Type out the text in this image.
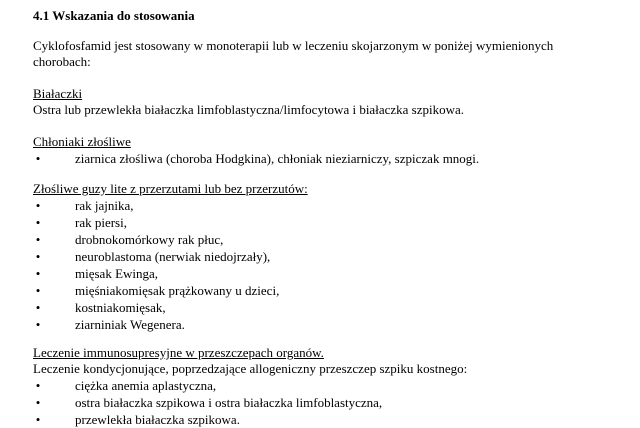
4.1 Wskazania do stosowania

Cyklofosfamid jest stosowany w monoterapii lub w leczeniu skojarzonym w poniżej wymienionych chorobach:

Białaczki

Ostra lub przewlekła białaczka limfoblastyczna/limfocytowa i białaczka szpikowa.

Chłoniaki złośliwe
•	ziarnica złośliwa (choroba Hodgkina), chłoniak nieziarniczy, szpiczak mnogi.
Złośliwe guzy lite z przerzutami lub bez przerzutów:
•	rak jajnika,
•	rak piersi,
•	drobnokomórkowy rak płuc,
•	neuroblastoma (nerwiak niedojrzały),
•	mięsak Ewinga,
•	mięśniakomięsak prążkowany u dzieci,
•	kostniakomięsak,
•	ziarniniak Wegenera.
Leczenie immunosupresyjne w przeszczepach organów.

Leczenie kondycjonujące, poprzedzające allogeniczny przeszczep szpiku kostnego:

•	ciężka anemia aplastyczna,
•	ostra białaczka szpikowa i ostra białaczka limfoblastyczna,
•	przewlekła białaczka szpikowa.
